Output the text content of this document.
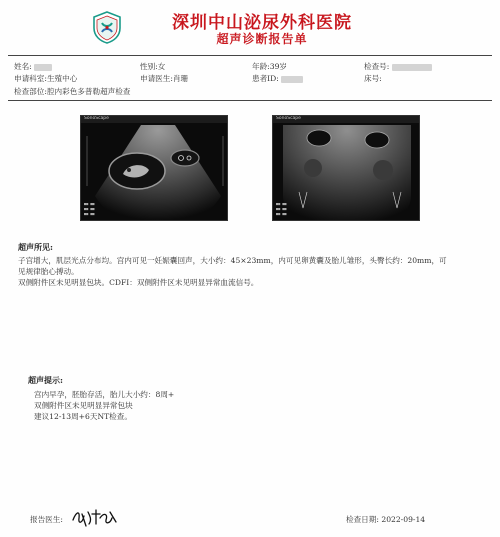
深圳中山泌尿外科医院
超声诊断报告单
姓名:	性别:女	年龄:39岁	检查号:
申请科室:生殖中心	申请医生:肖珊	患者ID:	床号:
检查部位:腔内彩色多普勒超声检查
SonoScape
■■ ■■
■■ ■■
■■ ■■
SonoScape
■■ ■■
■■ ■■
■■ ■■
超声所见:
子宫增大，肌层光点分布均。宫内可见一妊娠囊回声，大小约：45×23mm，内可见卵黄囊及胎儿雏形，头臀长约：20mm，可
见规律胎心搏动。
双侧附件区未见明显包块。CDFI：双侧附件区未见明显异常血流信号。
超声提示:
宫内早孕，胚胎存活，胎儿大小约：8周+
双侧附件区未见明显异常包块
建议12-13周+6天NT检查。
报告医生:	检查日期: 2022-09-14
